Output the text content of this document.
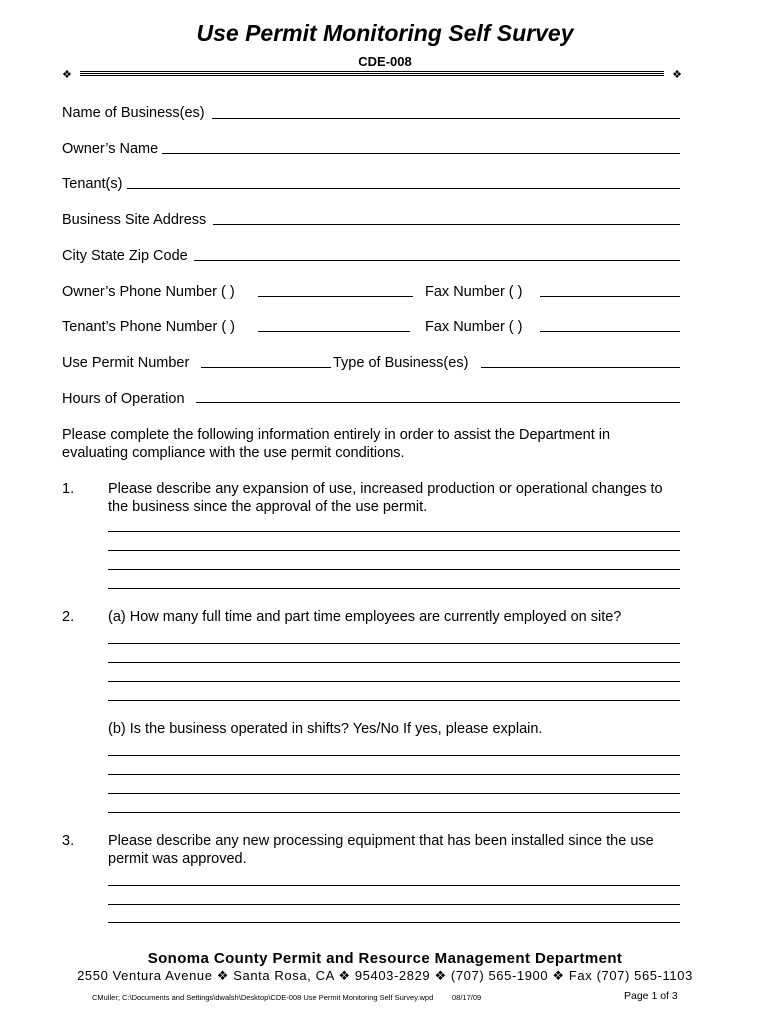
Use Permit Monitoring Self Survey
CDE-008
❖	❖
Name of Business(es)
Owner’s Name
Tenant(s)
Business Site Address
City State Zip Code
Owner’s Phone Number ( )	Fax Number ( )
Tenant’s Phone Number ( )	Fax Number ( )
Use Permit Number	Type of Business(es)
Hours of Operation
Please complete the following information entirely in order to assist the Department in evaluating compliance with the use permit conditions.
1. Please describe any expansion of use, increased production or operational changes to the business since the approval of the use permit.
2. (a) How many full time and part time employees are currently employed on site?
(b) Is the business operated in shifts? Yes/No If yes, please explain.
3. Please describe any new processing equipment that has been installed since the use permit was approved.
Sonoma County Permit and Resource Management Department
2550 Ventura Avenue ❖ Santa Rosa, CA ❖ 95403-2829 ❖ (707) 565-1900 ❖ Fax (707) 565-1103
CMuller; C:\Documents and Settings\dwalsh\Desktop\CDE-008 Use Permit Monitoring Self Survey.wpd	08/17/09	Page 1 of 3
